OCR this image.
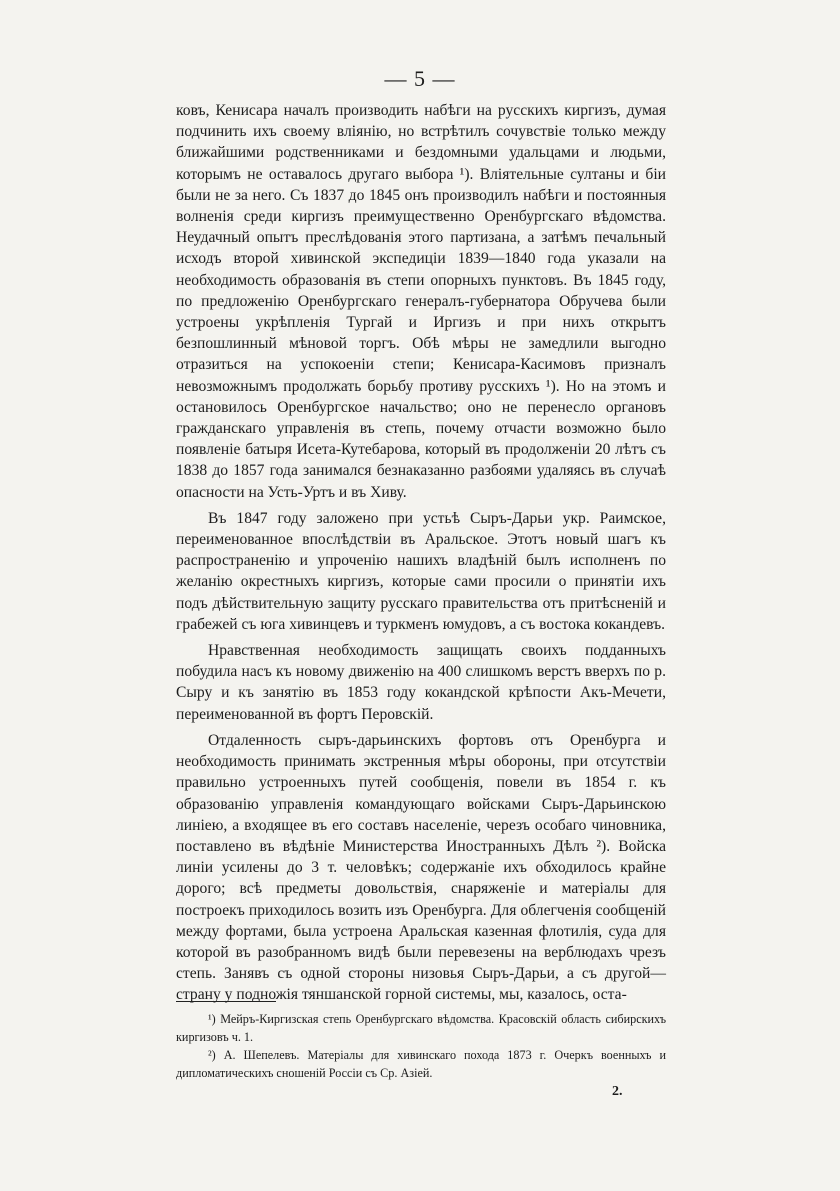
— 5 —

ковъ, Кенисара началъ производить набѣги на русскихъ киргизъ, думая подчинить ихъ своему вліянію, но встрѣтилъ сочувствіе только между ближайшими родственниками и бездомными удальцами и людьми, которымъ не оставалось другаго выбора ¹). Вліятельные султаны и біи были не за него. Съ 1837 до 1845 онъ производилъ набѣги и постоянныя волненія среди киргизъ преимущественно Оренбургскаго вѣдомства. Неудачный опытъ преслѣдованія этого партизана, а затѣмъ печальный исходъ второй хивинской экспедиціи 1839—1840 года указали на необходимость образованія въ степи опорныхъ пунктовъ. Въ 1845 году, по предложенію Оренбургскаго генералъ-губернатора Обручева были устроены укрѣпленія Тургай и Иргизъ и при нихъ открытъ безпошлинный мѣновой торгъ. Обѣ мѣры не замедлили выгодно отразиться на успокоеніи степи; Кенисара-Касимовъ призналъ невозможнымъ продолжать борьбу противу русскихъ ¹). Но на этомъ и остановилось Оренбургское начальство; оно не перенесло органовъ гражданскаго управленія въ степь, почему отчасти возможно было появленіе батыря Исета-Кутебарова, который въ продолженіи 20 лѣтъ съ 1838 до 1857 года занимался безнаказанно разбоями удаляясь въ случаѣ опасности на Усть-Уртъ и въ Хиву.

Въ 1847 году заложено при устьѣ Сыръ-Дарьи укр. Раимское, переименованное впослѣдствіи въ Аральское. Этотъ новый шагъ къ распространенію и упроченію нашихъ владѣній былъ исполненъ по желанію окрестныхъ киргизъ, которые сами просили о принятіи ихъ подъ дѣйствительную защиту русскаго правительства отъ притѣсненій и грабежей съ юга хивинцевъ и туркменъ юмудовъ, а съ востока кокандевъ.

Нравственная необходимость защищать своихъ подданныхъ побудила насъ къ новому движенію на 400 слишкомъ верстъ вверхъ по р. Сыру и къ занятію въ 1853 году кокандской крѣпости Акъ-Мечети, переименованной въ фортъ Перовскій.

Отдаленность сыръ-дарьинскихъ фортовъ отъ Оренбурга и необходимость принимать экстренныя мѣры обороны, при отсутствіи правильно устроенныхъ путей сообщенія, повели въ 1854 г. къ образованію управленія командующаго войсками Сыръ-Дарьинскою линіею, а входящее въ его составъ населеніе, черезъ особаго чиновника, поставлено въ вѣдѣніе Министерства Иностранныхъ Дѣлъ ²). Войска линіи усилены до 3 т. человѣкъ; содержаніе ихъ обходилось крайне дорого; всѣ предметы довольствія, снаряженіе и матеріалы для построекъ приходилось возить изъ Оренбурга. Для облегченія сообщеній между фортами, была устроена Аральская казенная флотилія, суда для которой въ разобранномъ видѣ были перевезены на верблюдахъ чрезъ степь. Занявъ съ одной стороны низовья Сыръ-Дарьи, а съ другой—страну у подножія тяншанской горной системы, мы, казалось, оста-

¹) Мейръ-Киргизская степь Оренбургскаго вѣдомства. Красовскій область сибирскихъ киргизовъ ч. 1.

²) А. Шепелевъ. Матеріалы для хивинскаго похода 1873 г. Очеркъ военныхъ и дипломатическихъ сношеній Россіи съ Ср. Азіей.

2.
